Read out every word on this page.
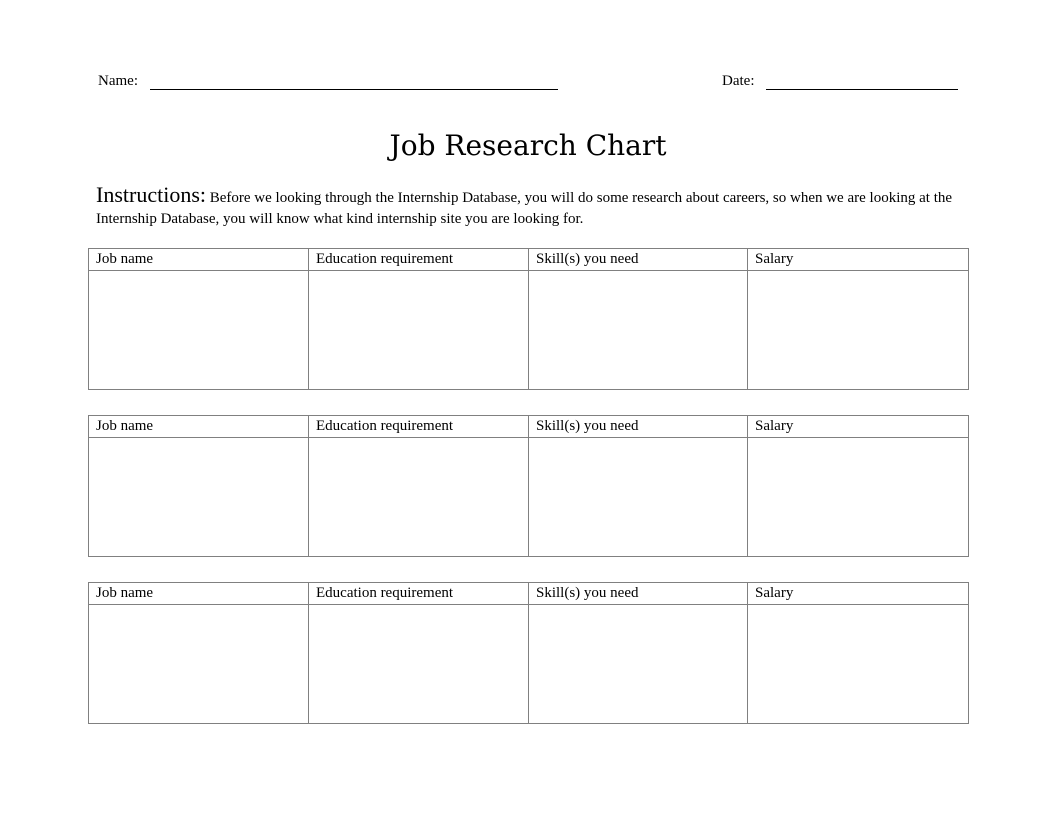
Name:	Date:
Job Research Chart
Instructions: Before we looking through the Internship Database, you will do some research about careers, so when we are looking at the Internship Database, you will know what kind internship site you are looking for.
Job name	Education requirement	Skill(s) you need	Salary

Job name	Education requirement	Skill(s) you need	Salary

Job name	Education requirement	Skill(s) you need	Salary
